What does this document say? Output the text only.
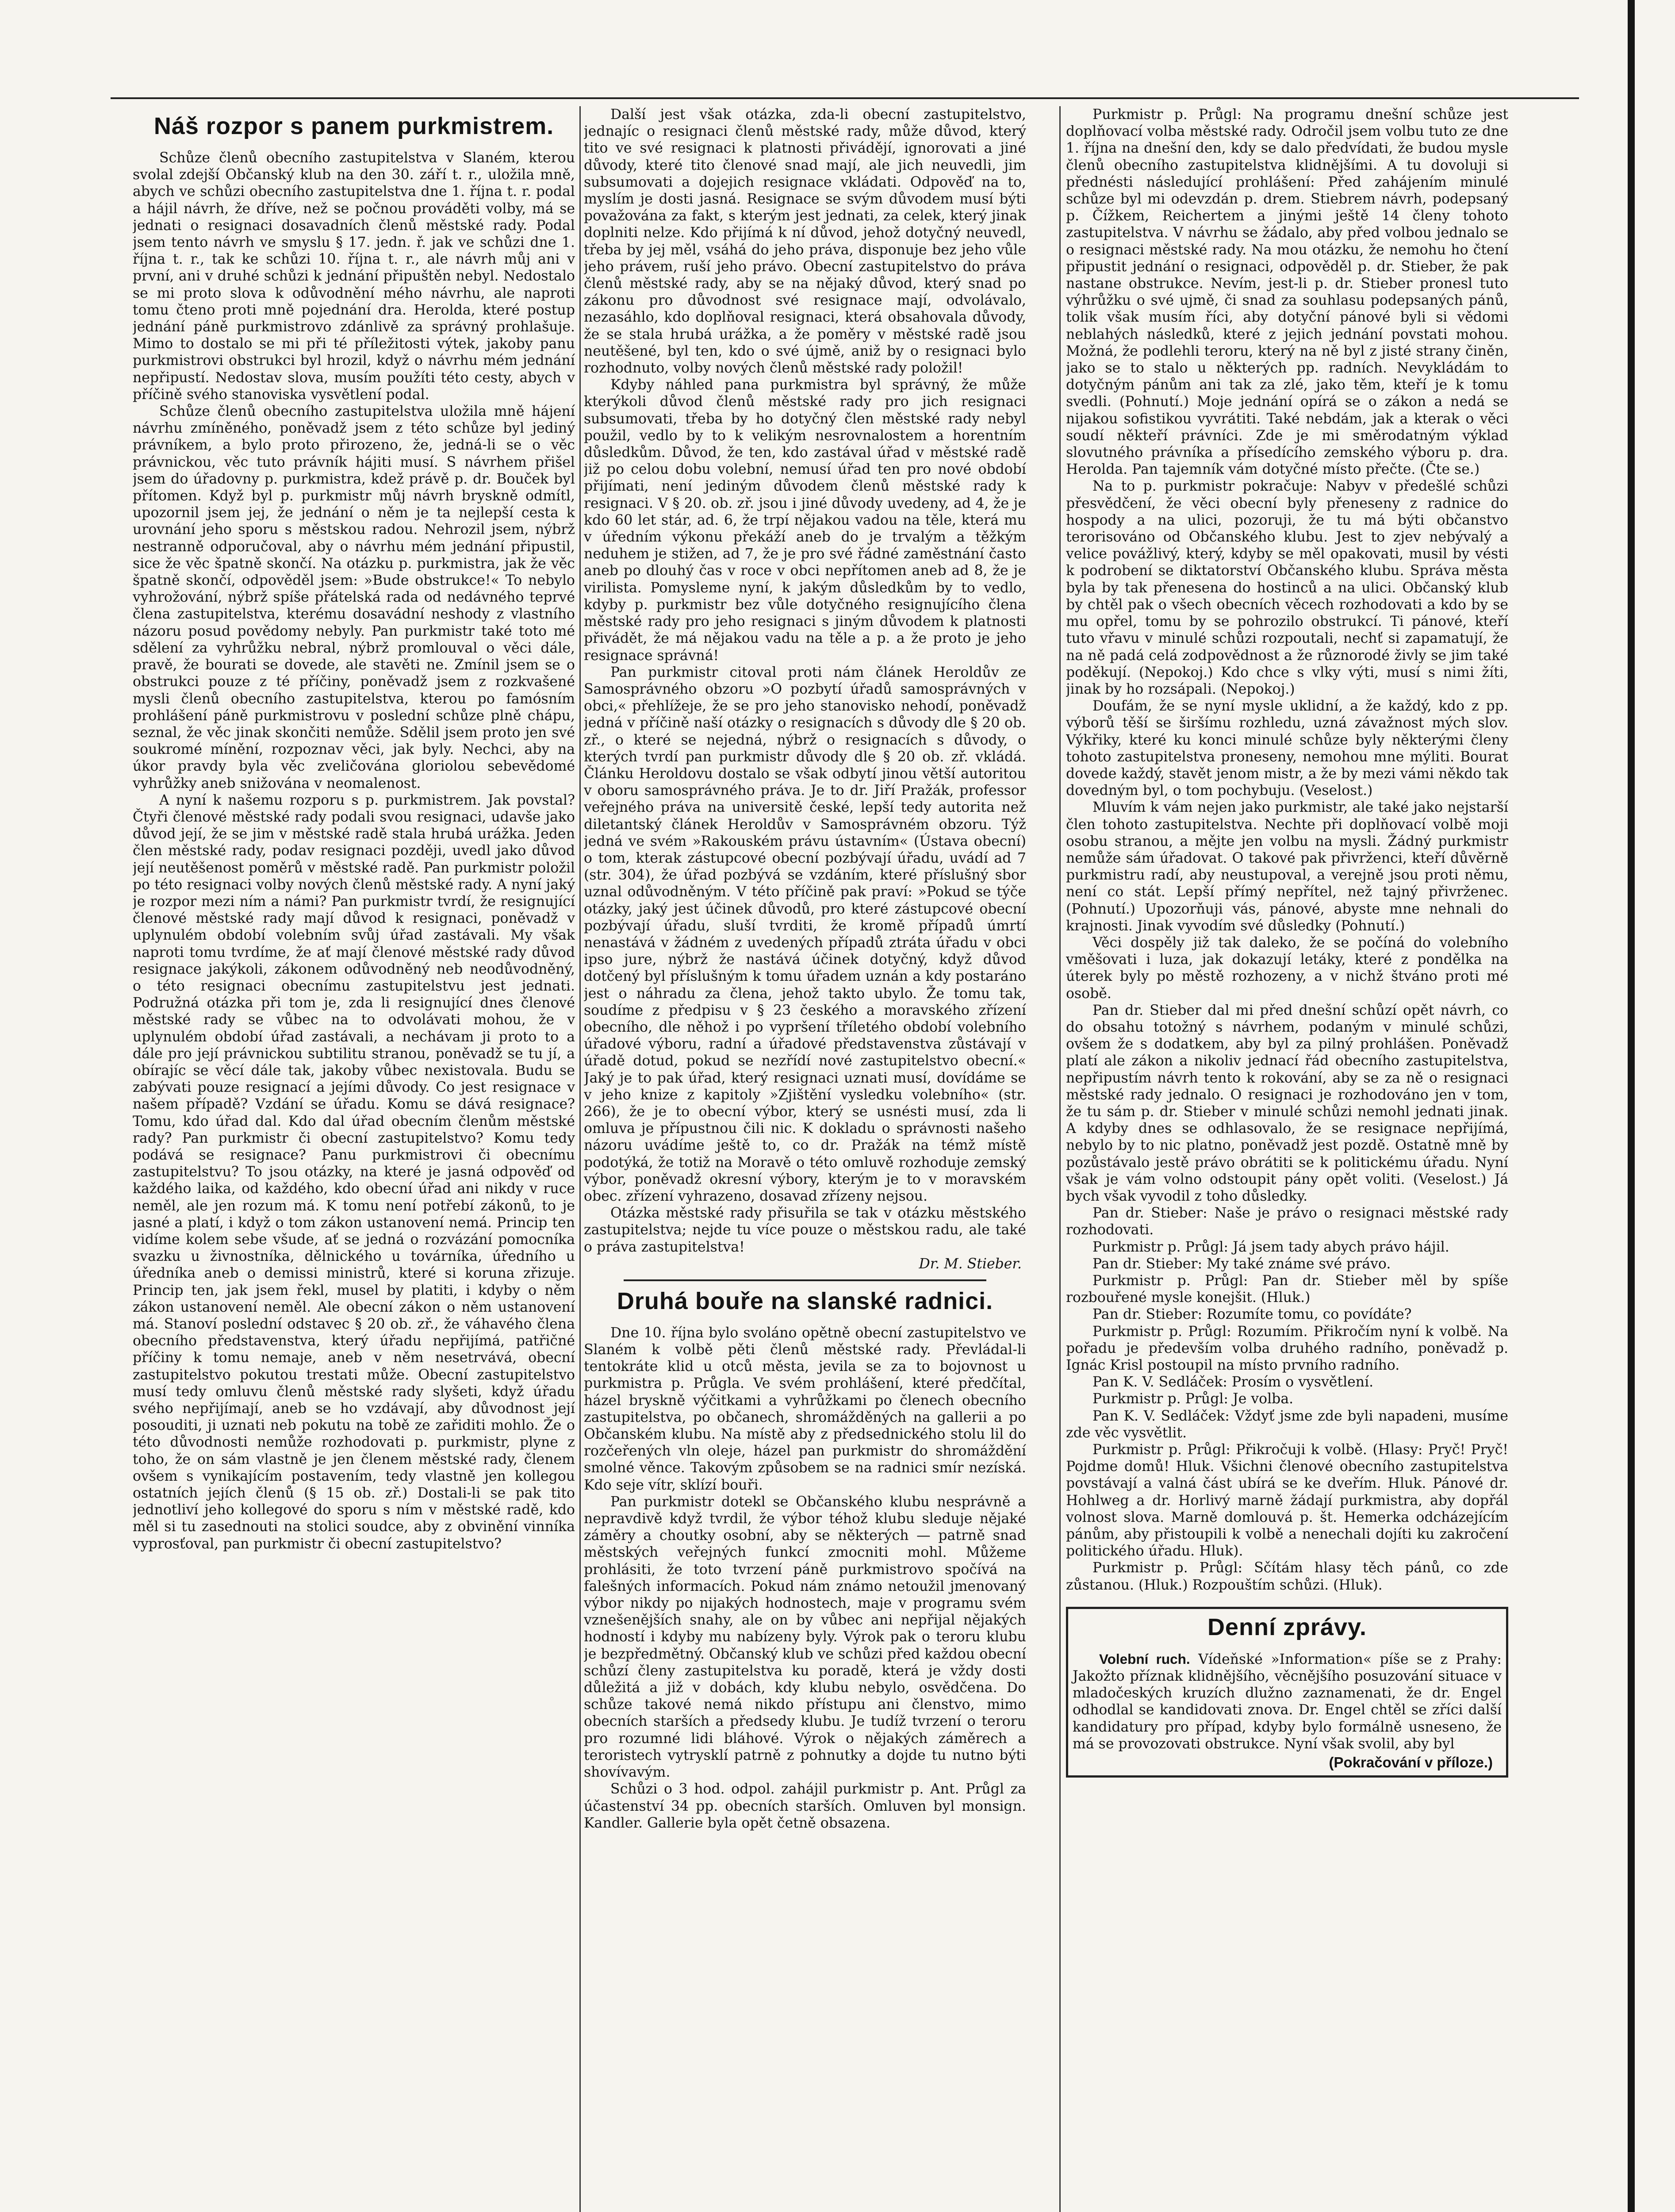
Náš rozpor s panem purkmistrem.

Schůze členů obecního zastupitelstva v Slaném, kterou svolal zdejší Občanský klub na den 30. září t. r., uložila mně, abych ve schůzi obecního zastupitelstva dne 1. října t. r. podal a hájil návrh, že dříve, než se počnou prováděti volby, má se jednati o resignaci dosavadních členů městské rady. Podal jsem tento návrh ve smyslu § 17. jedn. ř. jak ve schůzi dne 1. října t. r., tak ke schůzi 10. října t. r., ale návrh můj ani v první, ani v druhé schůzi k jednání připuštěn nebyl. Nedostalo se mi proto slova k odůvodnění mého návrhu, ale naproti tomu čteno proti mně pojednání dra. Herolda, které postup jednání páně purkmistrovo zdánlivě za správný prohlašuje. Mimo to dostalo se mi při té příležitosti výtek, jakoby panu purkmistrovi obstrukci byl hrozil, když o návrhu mém jednání nepřipustí. Nedostav slova, musím použíti této cesty, abych v příčině svého stanoviska vysvětlení podal.

Schůze členů obecního zastupitelstva uložila mně hájení návrhu zmíněného, poněvadž jsem z této schůze byl jediný právníkem, a bylo proto přirozeno, že, jedná-li se o věc právnickou, věc tuto právník hájiti musí. S návrhem přišel jsem do úřadovny p. purkmistra, kdež právě p. dr. Bouček byl přítomen. Když byl p. purkmistr můj návrh bryskně odmítl, upozornil jsem jej, že jednání o něm je ta nejlepší cesta k urovnání jeho sporu s městskou radou. Nehrozil jsem, nýbrž nestranně odporučoval, aby o návrhu mém jednání připustil, sice že věc špatně skončí. Na otázku p. purkmistra, jak že věc špatně skončí, odpověděl jsem: »Bude obstrukce!« To nebylo vyhrožování, nýbrž spíše přátelská rada od nedávného teprvé člena zastupitelstva, kterému dosavádní neshody z vlastního názoru posud povědomy nebyly. Pan purkmistr také toto mé sdělení za vyhrůžku nebral, nýbrž promlouval o věci dále, pravě, že bourati se dovede, ale stavěti ne. Zmínil jsem se o obstrukci pouze z té příčiny, poněvadž jsem z rozkvašené mysli členů obecního zastupitelstva, kterou po famósním prohlášení páně purkmistrovu v poslední schůze plně chápu, seznal, že věc jinak skončiti nemůže. Sdělil jsem proto jen své soukromé mínění, rozpoznav věci, jak byly. Nechci, aby na úkor pravdy byla věc zveličována gloriolou sebevědomé vyhrůžky aneb snižována v neomalenost.

A nyní k našemu rozporu s p. purkmistrem. Jak povstal? Čtyři členové městské rady podali svou resignaci, udavše jako důvod její, že se jim v městské radě stala hrubá urážka. Jeden člen městské rady, podav resignaci později, uvedl jako důvod její neutěšenost poměrů v městské radě. Pan purkmistr položil po této resignaci volby nových členů městské rady. A nyní jaký je rozpor mezi ním a námi? Pan purkmistr tvrdí, že resignující členové městské rady mají důvod k resignaci, poněvadž v uplynulém období volebním svůj úřad zastávali. My však naproti tomu tvrdíme, že ať mají členové městské rady důvod resignace jakýkoli, zákonem odůvodněný neb neodůvodněný, o této resignaci obecnímu zastupitelstvu jest jednati. Podružná otázka při tom je, zda li resignující dnes členové městské rady se vůbec na to odvolávati mohou, že v uplynulém období úřad zastávali, a nechávam ji proto to a dále pro její právnickou subtilitu stranou, poněvadž se tu jí, a obírajíc se věcí dále tak, jakoby vůbec nexistovala. Budu se zabývati pouze resignací a jejími důvody. Co jest resignace v našem případě? Vzdání se úřadu. Komu se dává resignace? Tomu, kdo úřad dal. Kdo dal úřad obecním členům městské rady? Pan purkmistr či obecní zastupitelstvo? Komu tedy podává se resignace? Panu purkmistrovi či obecnímu zastupitelstvu? To jsou otázky, na které je jasná odpověď od každého laika, od každého, kdo obecní úřad ani nikdy v ruce neměl, ale jen rozum má. K tomu není potřebí zákonů, to je jasné a platí, i když o tom zákon ustanovení nemá. Princip ten vidíme kolem sebe všude, ať se jedná o rozvázání pomocníka svazku u živnostníka, dělnického u továrníka, úředního u úředníka aneb o demissi ministrů, které si koruna zřizuje. Princip ten, jak jsem řekl, musel by platiti, i kdyby o něm zákon ustanovení neměl. Ale obecní zákon o něm ustanovení má. Stanoví poslední odstavec § 20 ob. zř., že váhavého člena obecního představenstva, který úřadu nepřijímá, patřičné příčiny k tomu nemaje, aneb v něm nesetrvává, obecní zastupitelstvo pokutou trestati může. Obecní zastupitelstvo musí tedy omluvu členů městské rady slyšeti, když úřadu svého nepřijímají, aneb se ho vzdávají, aby důvodnost její posouditi, ji uznati neb pokutu na tobě ze zařiditi mohlo. Že o této důvodnosti nemůže rozhodovati p. purkmistr, plyne z toho, že on sám vlastně je jen členem městské rady, členem ovšem s vynikajícím postavením, tedy vlastně jen kollegou ostatních jejích členů (§ 15 ob. zř.) Dostali-li se pak tito jednotliví jeho kollegové do sporu s ním v městské radě, kdo měl si tu zasednouti na stolici soudce, aby z obvinění vinníka vyprosťoval, pan purkmistr či obecní zastupitelstvo?

Další jest však otázka, zda-li obecní zastupitelstvo, jednajíc o resignaci členů městské rady, může důvod, který tito ve své resignaci k platnosti přivádějí, ignorovati a jiné důvody, které tito členové snad mají, ale jich neuvedli, jim subsumovati a dojejich resignace vkládati. Odpověď na to, myslím je dosti jasná. Resignace se svým důvodem musí býti považována za fakt, s kterým jest jednati, za celek, který jinak doplniti nelze. Kdo přijímá k ní důvod, jehož dotyčný neuvedl, třeba by jej měl, vsáhá do jeho práva, disponuje bez jeho vůle jeho právem, ruší jeho právo. Obecní zastupitelstvo do práva členů městské rady, aby se na nějaký důvod, který snad po zákonu pro důvodnost své resignace mají, odvolávalo, nezasáhlo, kdo doplňoval resignaci, která obsahovala důvody, že se stala hrubá urážka, a že poměry v městské radě jsou neutěšené, byl ten, kdo o své újmě, aniž by o resignaci bylo rozhodnuto, volby nových členů městské rady položil!

Kdyby náhled pana purkmistra byl správný, že může kterýkoli důvod členů městské rady pro jich resignaci subsumovati, třeba by ho dotyčný člen městské rady nebyl použil, vedlo by to k velikým nesrovnalostem a horentním důsledkům. Důvod, že ten, kdo zastával úřad v městské radě již po celou dobu volební, nemusí úřad ten pro nové období přijímati, není jediným důvodem členů městské rady k resignaci. V § 20. ob. zř. jsou i jiné důvody uvedeny, ad 4, že je kdo 60 let stár, ad. 6, že trpí nějakou vadou na těle, která mu v úředním výkonu překáží aneb do je trvalým a těžkým neduhem je stižen, ad 7, že je pro své řádné zaměstnání často aneb po dlouhý čas v roce v obci nepřítomen aneb ad 8, že je virilista. Pomysleme nyní, k jakým důsledkům by to vedlo, kdyby p. purkmistr bez vůle dotyčného resignujícího člena městské rady pro jeho resignaci s jiným důvodem k platnosti přivádět, že má nějakou vadu na těle a p. a že proto je jeho resignace správná!

Pan purkmistr citoval proti nám článek Heroldův ze Samosprávného obzoru »O pozbytí úřadů samosprávných v obci,« přehlížeje, že se pro jeho stanovisko nehodí, poněvadž jedná v příčině naší otázky o resignacích s důvody dle § 20 ob. zř., o které se nejedná, nýbrž o resignacích s důvody, o kterých tvrdí pan purkmistr důvody dle § 20 ob. zř. vkládá. Článku Heroldovu dostalo se však odbytí jinou větší autoritou v oboru samosprávného práva. Je to dr. Jiří Pražák, professor veřejného práva na universitě české, lepší tedy autorita než diletantský článek Heroldův v Samosprávném obzoru. Týž jedná ve svém »Rakouském právu ústavním« (Ústava obecní) o tom, kterak zástupcové obecní pozbývají úřadu, uvádí ad 7 (str. 304), že úřad pozbývá se vzdáním, které příslušný sbor uznal odůvodněným. V této příčině pak praví: »Pokud se týče otázky, jaký jest účinek důvodů, pro které zástupcové obecní pozbývají úřadu, sluší tvrditi, že kromě případů úmrtí nenastává v žádném z uvedených případů ztráta úřadu v obci ipso jure, nýbrž že nastává účinek dotyčný, když důvod dotčený byl příslušným k tomu úřadem uznán a kdy postaráno jest o náhradu za člena, jehož takto ubylo. Že tomu tak, soudíme z předpisu v § 23 českého a moravského zřízení obecního, dle něhož i po vypršení tříletého období volebního úřadové výboru, radní a úřadové představenstva zůstávají v úřadě dotud, pokud se nezřídí nové zastupitelstvo obecní.« Jaký je to pak úřad, který resignaci uznati musí, dovídáme se v jeho knize z kapitoly »Zjištění vysledku volebního« (str. 266), že je to obecní výbor, který se usnésti musí, zda li omluva je přípustnou čili nic. K dokladu o správnosti našeho názoru uvádíme ještě to, co dr. Pražák na témž místě podotýká, že totiž na Moravě o této omluvě rozhoduje zemský výbor, poněvadž okresní výbory, kterým je to v moravském obec. zřízení vyhrazeno, dosavad zřízeny nejsou.

Otázka městské rady přisuřila se tak v otázku městského zastupitelstva; nejde tu více pouze o městskou radu, ale také o práva zastupitelstva!

Dr. M. Stieber.
Druhá bouře na slanské radnici.

Dne 10. října bylo svoláno opětně obecní zastupitelstvo ve Slaném k volbě pěti členů městské rady. Převládal-li tentokráte klid u otců města, jevila se za to bojovnost u purkmistra p. Průgla. Ve svém prohlášení, které předčítal, házel bryskně výčitkami a vyhrůžkami po členech obecního zastupitelstva, po občanech, shromážděných na gallerii a po Občanském klubu. Na místě aby z předsednického stolu lil do rozčeřených vln oleje, házel pan purkmistr do shromáždění smolné věnce. Takovým způsobem se na radnici smír nezíská. Kdo seje vítr, sklízí bouři.

Pan purkmistr dotekl se Občanského klubu nesprávně a nepravdivě když tvrdil, že výbor téhož klubu sleduje nějaké záměry a choutky osobní, aby se některých — patrně snad městských veřejných funkcí zmocniti mohl. Můžeme prohlásiti, že toto tvrzení páně purkmistrovo spočívá na falešných informacích. Pokud nám známo netoužil jmenovaný výbor nikdy po nijakých hodnostech, maje v programu svém vznešenějších snahy, ale on by vůbec ani nepřijal nějakých hodností i kdyby mu nabízeny byly. Výrok pak o teroru klubu je bezpředmětný. Občanský klub ve schůzi před každou obecní schůzí členy zastupitelstva ku poradě, která je vždy dosti důležitá a již v dobách, kdy klubu nebylo, osvědčena. Do schůze takové nemá nikdo přístupu ani členstvo, mimo obecních starších a předsedy klubu. Je tudíž tvrzení o teroru pro rozumné lidi bláhové. Výrok o nějakých záměrech a teroristech vytrysklí patrně z pohnutky a dojde tu nutno býti shovívavým.

Schůzi o 3 hod. odpol. zahájil purkmistr p. Ant. Průgl za účastenství 34 pp. obecních starších. Omluven byl monsign. Kandler. Gallerie byla opět četně obsazena.

Purkmistr p. Průgl: Na programu dnešní schůze jest doplňovací volba městské rady. Odročil jsem volbu tuto ze dne 1. října na dnešní den, kdy se dalo předvídati, že budou mysle členů obecního zastupitelstva klidnějšími. A tu dovoluji si přednésti následující prohlášení: Před zahájením minulé schůze byl mi odevzdán p. drem. Stiebrem návrh, podepsaný p. Čížkem, Reichertem a jinými ještě 14 členy tohoto zastupitelstva. V návrhu se žádalo, aby před volbou jednalo se o resignaci městské rady. Na mou otázku, že nemohu ho čtení připustit jednání o resignaci, odpověděl p. dr. Stieber, že pak nastane obstrukce. Nevím, jest-li p. dr. Stieber pronesl tuto výhrůžku o své ujmě, či snad za souhlasu podepsaných pánů, tolik však musím říci, aby dotyční pánové byli si vědomi neblahých následků, které z jejich jednání povstati mohou. Možná, že podlehli teroru, který na ně byl z jisté strany činěn, jako se to stalo u některých pp. radních. Nevykládám to dotyčným pánům ani tak za zlé, jako těm, kteří je k tomu svedli. (Pohnutí.) Moje jednání opírá se o zákon a nedá se nijakou sofistikou vyvrátiti. Také nebdám, jak a kterak o věci soudí někteří právníci. Zde je mi směrodatným výklad slovutného právníka a přísedícího zemského výboru p. dra. Herolda. Pan tajemník vám dotyčné místo přečte. (Čte se.)

Na to p. purkmistr pokračuje: Nabyv v předešlé schůzi přesvědčení, že věci obecní byly přeneseny z radnice do hospody a na ulici, pozoruji, že tu má býti občanstvo terorisováno od Občanského klubu. Jest to zjev nebývalý a velice povážlivý, který, kdyby se měl opakovati, musil by vésti k podrobení se diktatorství Občanského klubu. Správa města byla by tak přenesena do hostinců a na ulici. Občanský klub by chtěl pak o všech obecních věcech rozhodovati a kdo by se mu opřel, tomu by se pohrozilo obstrukcí. Ti pánové, kteří tuto vřavu v minulé schůzi rozpoutali, nechť si zapamatují, že na ně padá celá zodpovědnost a že různorodé živly se jim také poděkují. (Nepokoj.) Kdo chce s vlky výti, musí s nimi žíti, jinak by ho rozsápali. (Nepokoj.)

Doufám, že se nyní mysle uklidní, a že každý, kdo z pp. výborů těší se širšímu rozhledu, uzná závažnost mých slov. Výkřiky, které ku konci minulé schůze byly některými členy tohoto zastupitelstva proneseny, nemohou mne mýliti. Bourat dovede každý, stavět jenom mistr, a že by mezi vámi někdo tak dovedným byl, o tom pochybuju. (Veselost.)

Mluvím k vám nejen jako purkmistr, ale také jako nejstarší člen tohoto zastupitelstva. Nechte při doplňovací volbě moji osobu stranou, a mějte jen volbu na mysli. Žádný purkmistr nemůže sám úřadovat. O takové pak přivrženci, kteří důvěrně purkmistru radí, aby neustupoval, a verejně jsou proti němu, není co stát. Lepší přímý nepřítel, než tajný přivrženec. (Pohnutí.) Upozorňuji vás, pánové, abyste mne nehnali do krajnosti. Jinak vyvodím své důsledky (Pohnutí.)

Věci dospěly již tak daleko, že se počíná do volebního vměšovati i luza, jak dokazují letáky, které z pondělka na úterek byly po městě rozhozeny, a v nichž štváno proti mé osobě.

Pan dr. Stieber dal mi před dnešní schůzí opět návrh, co do obsahu totožný s návrhem, podaným v minulé schůzi, ovšem že s dodatkem, aby byl za pilný prohlášen. Poněvadž platí ale zákon a nikoliv jednací řád obecního zastupitelstva, nepřipustím návrh tento k rokování, aby se za ně o resignaci městské rady jednalo. O resignaci je rozhodováno jen v tom, že tu sám p. dr. Stieber v minulé schůzi nemohl jednati jinak. A kdyby dnes se odhlasovalo, že se resignace nepřijímá, nebylo by to nic platno, poněvadž jest pozdě. Ostatně mně by pozůstávalo jestě právo obrátiti se k politickému úřadu. Nyní však je vám volno odstoupit pány opět voliti. (Veselost.) Já bych však vyvodil z toho důsledky.

Pan dr. Stieber: Naše je právo o resignaci městské rady rozhodovati.

Purkmistr p. Průgl: Já jsem tady abych právo hájil.

Pan dr. Stieber: My také známe své právo.

Purkmistr p. Průgl: Pan dr. Stieber měl by spíše rozbouřené mysle konejšit. (Hluk.)

Pan dr. Stieber: Rozumíte tomu, co povídáte?

Purkmistr p. Průgl: Rozumím. Přikročím nyní k volbě. Na pořadu je především volba druhého radního, poněvadž p. Ignác Krisl postoupil na místo prvního radního.

Pan K. V. Sedláček: Prosím o vysvětlení.

Purkmistr p. Průgl: Je volba.

Pan K. V. Sedláček: Vždyť jsme zde byli napadeni, musíme zde věc vysvětlit.

Purkmistr p. Průgl: Přikročuji k volbě. (Hlasy: Pryč! Pryč! Pojdme domů! Hluk. Všichni členové obecního zastupitelstva povstávají a valná část ubírá se ke dveřím. Hluk. Pánové dr. Hohlweg a dr. Horlivý marně žádají purkmistra, aby dopřál volnost slova. Marně domlouvá p. št. Hemerka odcházejícím pánům, aby přistoupili k volbě a nenechali dojíti ku zakročení politického úřadu. Hluk).

Purkmistr p. Průgl: Sčítám hlasy těch pánů, co zde zůstanou. (Hluk.) Rozpouštím schůzi. (Hluk).

Denní zprávy.

Volební ruch. Vídeňské »Information« píše se z Prahy: Jakožto příznak klidnějšího, věcnějšího posuzování situace v mladočeských kruzích dlužno zaznamenati, že dr. Engel odhodlal se kandidovati znova. Dr. Engel chtěl se zříci další kandidatury pro případ, kdyby bylo formálně usneseno, že má se provozovati obstrukce. Nyní však svolil, aby byl

(Pokračování v příloze.)
